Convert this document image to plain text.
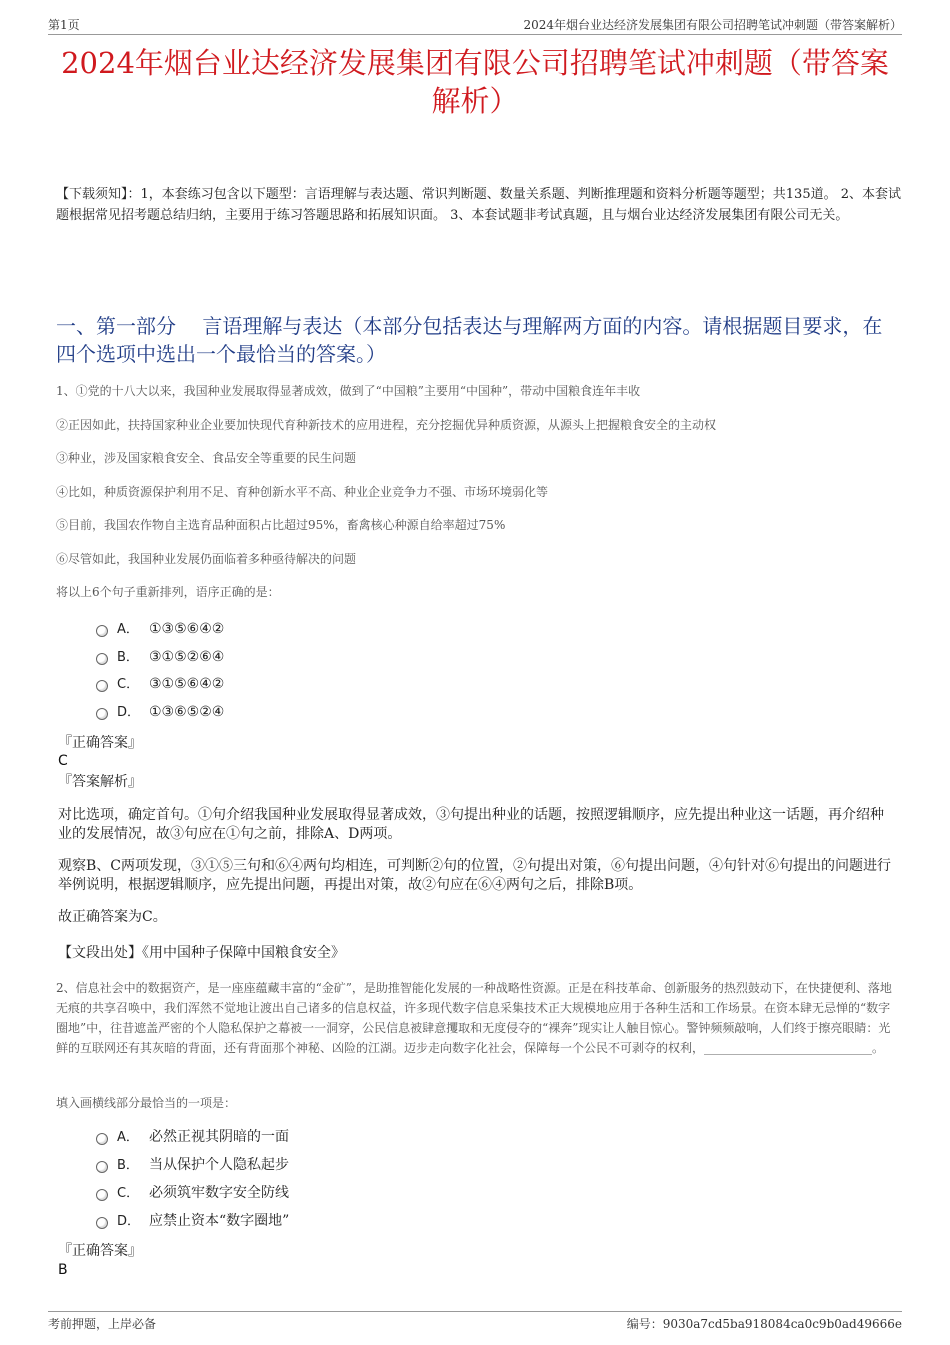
第1页	2024年烟台业达经济发展集团有限公司招聘笔试冲刺题（带答案解析）
2024年烟台业达经济发展集团有限公司招聘笔试冲刺题（带答案解析）
【下载须知】：1，本套练习包含以下题型：言语理解与表达题、常识判断题、数量关系题、判断推理题和资料分析题等题型；共135道。 2、本套试题根据常见招考题总结归纳，主要用于练习答题思路和拓展知识面。 3、本套试题非考试真题，且与烟台业达经济发展集团有限公司无关。
一、第一部分　 言语理解与表达（本部分包括表达与理解两方面的内容。请根据题目要求，在四个选项中选出一个最恰当的答案。）
1、①党的十八大以来，我国种业发展取得显著成效，做到了“中国粮”主要用“中国种”，带动中国粮食连年丰收
②正因如此，扶持国家种业企业要加快现代育种新技术的应用进程，充分挖掘优异种质资源，从源头上把握粮食安全的主动权
③种业，涉及国家粮食安全、食品安全等重要的民生问题
④比如，种质资源保护利用不足、育种创新水平不高、种业企业竞争力不强、市场环境弱化等
⑤目前，我国农作物自主选育品种面积占比超过95%，畜禽核心种源自给率超过75%
⑥尽管如此，我国种业发展仍面临着多种亟待解决的问题
将以上6个句子重新排列，语序正确的是：
A． ①③⑤⑥④②
B． ③①⑤②⑥④
C． ③①⑤⑥④②
D． ①③⑥⑤②④
『正确答案』
C
『答案解析』
对比选项，确定首句。①句介绍我国种业发展取得显著成效，③句提出种业的话题，按照逻辑顺序，应先提出种业这一话题，再介绍种业的发展情况，故③句应在①句之前，排除A、D两项。
观察B、C两项发现，③①⑤三句和⑥④两句均相连，可判断②句的位置，②句提出对策，⑥句提出问题，④句针对⑥句提出的问题进行举例说明，根据逻辑顺序，应先提出问题，再提出对策，故②句应在⑥④两句之后，排除B项。
故正确答案为C。
【文段出处】《用中国种子保障中国粮食安全》
2、信息社会中的数据资产，是一座座蕴藏丰富的“金矿”，是助推智能化发展的一种战略性资源。正是在科技革命、创新服务的热烈鼓动下，在快捷便利、落地无痕的共享召唤中，我们浑然不觉地让渡出自己诸多的信息权益，许多现代数字信息采集技术正大规模地应用于各种生活和工作场景。在资本肆无忌惮的“数字圈地”中，往昔遮盖严密的个人隐私保护之幕被一一洞穿，公民信息被肆意攫取和无度侵夺的“裸奔”现实让人触目惊心。警钟频频敲响，人们终于擦亮眼睛：光鲜的互联网还有其灰暗的背面，还有背面那个神秘、凶险的江湖。迈步走向数字化社会，保障每一个公民不可剥夺的权利，____________________________。
填入画横线部分最恰当的一项是：
A． 必然正视其阴暗的一面
B． 当从保护个人隐私起步
C． 必须筑牢数字安全防线
D． 应禁止资本“数字圈地”
『正确答案』
B
考前押题，上岸必备	编号：9030a7cd5ba918084ca0c9b0ad49666e
